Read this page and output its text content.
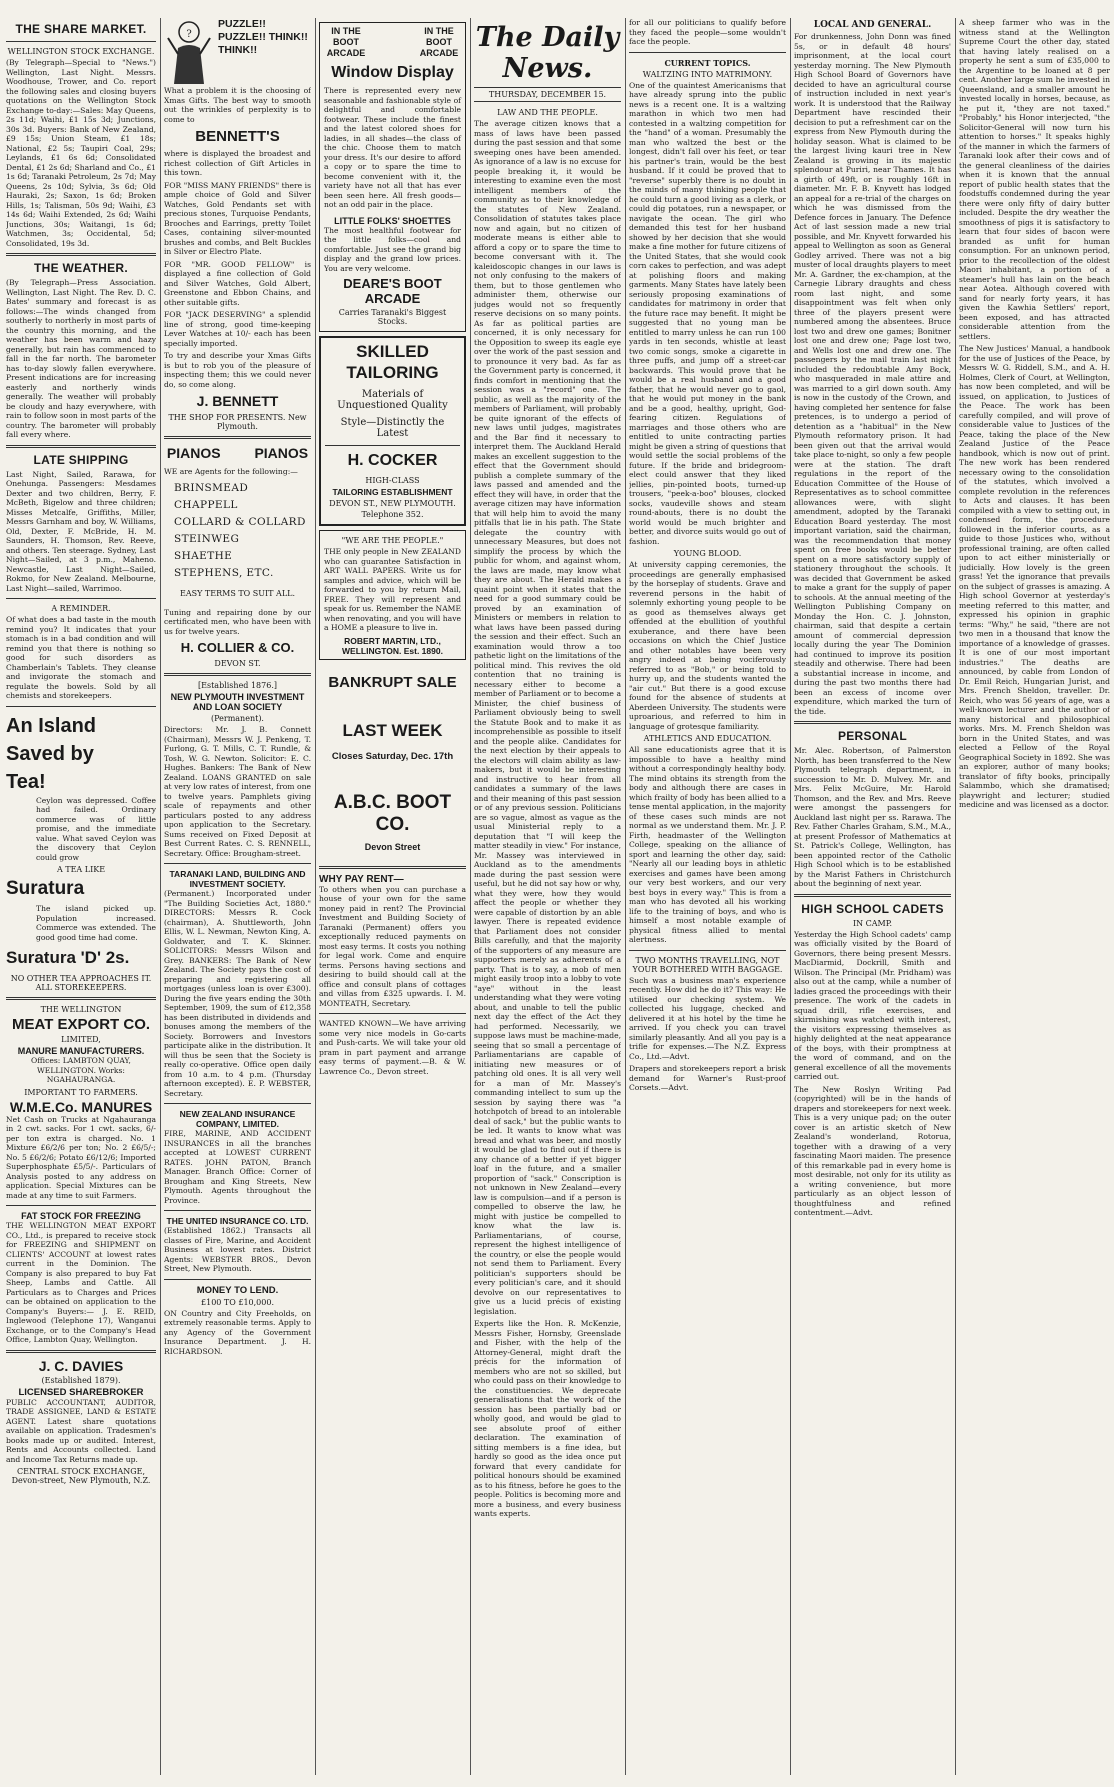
THE SHARE MARKET.
WELLINGTON STOCK EXCHANGE.

(By Telegraph—Special to "News.") Wellington, Last Night. Messrs. Woodhouse, Trower, and Co. report the following sales and closing buyers quotations on the Wellington Stock Exchange to-day:—Sales: May Queens, 2s 11d; Waihi, £1 15s 3d; Junctions, 30s 3d. Buyers: Bank of New Zealand, £9 15s; Union Steam, £1 18s; National, £2 5s; Taupiri Coal, 29s; Leylands, £1 6s 6d; Consolidated Dental, £1 2s 6d; Sharland and Co., £1 1s 6d; Taranaki Petroleum, 2s 7d; May Queens, 2s 10d; Sylvia, 3s 6d; Old Hauraki, 2s; Saxon, 1s 6d; Broken Hills, 1s; Talisman, 50s 9d; Waihi, £3 14s 6d; Waihi Extended, 2s 6d; Waihi Junctions, 30s; Waitangi, 1s 6d; Watchmen, 3s; Occidental, 5d; Consolidated, 19s 3d.

THE WEATHER.

(By Telegraph—Press Association. Wellington, Last Night. The Rev. D. C. Bates' summary and forecast is as follows:—The winds changed from southerly to northerly in most parts of the country this morning, and the weather has been warm and hazy generally, but rain has commenced to fall in the far north. The barometer has to-day slowly fallen everywhere. Present indications are for increasing easterly and northerly winds generally. The weather will probably be cloudy and hazy everywhere, with rain to follow soon in most parts of the country. The barometer will probably fall every where.

LATE SHIPPING

Last Night, Sailed, Rarawa, for Onehunga. Passengers: Mesdames Dexter and two children, Berry, F. McBeth, Bigelow and three children; Misses Metcalfe, Griffiths, Miller, Messrs Garnham and boy, W. Williams, Old, Dexter, F. McBride, H. M. Saunders, H. Thomson, Rev. Reeve, and others. Ten steerage. Sydney, Last Night—Sailed, at 3 p.m., Maheno. Newcastle, Last Night—Sailed, Rokmo, for New Zealand. Melbourne, Last Night—sailed, Warrimoo.

A REMINDER.

Of what does a bad taste in the mouth remind you? It indicates that your stomach is in a bad condition and will remind you that there is nothing so good for such disorders as Chamberlain's Tablets. They cleanse and invigorate the stomach and regulate the bowels. Sold by all chemists and storekeepers.

An Island
Saved by
Tea!

Ceylon was depressed. Coffee had failed. Ordinary commerce was of little promise, and the immediate value. What saved Ceylon was the discovery that Ceylon could grow

A TEA LIKE
Suratura

The island picked up. Population increased. Commerce was extended. The good good time had come.

Suratura 'D' 2s.
NO OTHER TEA APPROACHES IT. ALL STOREKEEPERS.
THE WELLINGTON
MEAT EXPORT CO.
LIMITED,
MANURE MANUFACTURERS.

Offices: LAMBTON QUAY, WELLINGTON. Works: NGAHAURANGA.

IMPORTANT TO FARMERS.
W.M.E.Co. MANURES

Net Cash on Trucks at Ngahauranga in 2 cwt. sacks. For 1 cwt. sacks, 6/- per ton extra is charged. No. 1 Mixture £6/2/6 per ton; No. 2 £6/5/-; No. 5 £6/2/6; Potato £6/12/6; Imported Superphosphate £5/5/-. Particulars of Analysis posted to any address on application. Special Mixtures can be made at any time to suit Farmers.

FAT STOCK FOR FREEZING

THE WELLINGTON MEAT EXPORT CO., Ltd., is prepared to receive stock for FREEZING and SHIPMENT on CLIENTS' ACCOUNT at lowest rates current in the Dominion. The Company is also prepared to buy Fat Sheep, Lambs and Cattle. All Particulars as to Charges and Prices can be obtained on application to the Company's Buyers:— J. E. REID, Inglewood (Telephone 17), Wanganui Exchange, or to the Company's Head Office, Lambton Quay, Wellington.

J. C. DAVIES
(Established 1879).
LICENSED SHAREBROKER

PUBLIC ACCOUNTANT, AUDITOR, TRADE ASSIGNEE, LAND & ESTATE AGENT. Latest share quotations available on application. Tradesmen's books made up or audited. Interest, Rents and Accounts collected. Land and Income Tax Returns made up.

CENTRAL STOCK EXCHANGE, Devon-street, New Plymouth, N.Z.
?
PUZZLE!! PUZZLE!! THINK!! THINK!!

What a problem it is the choosing of Xmas Gifts. The best way to smooth out the wrinkles of perplexity is to come to

BENNETT'S

where is displayed the broadest and richest collection of Gift Articles in this town.

FOR "MISS MANY FRIENDS" there is ample choice of Gold and Silver Watches, Gold Pendants set with precious stones, Turquoise Pendants, Brooches and Earrings, pretty Toilet Cases, containing silver-mounted brushes and combs, and Belt Buckles in Silver or Electro Plate.

FOR "MR. GOOD FELLOW" is displayed a fine collection of Gold and Silver Watches, Gold Albert, Greenstone and Ebbon Chains, and other suitable gifts.

FOR "JACK DESERVING" a splendid line of strong, good time-keeping Lever Watches at 10/- each has been specially imported.

To try and describe your Xmas Gifts is but to rob you of the pleasure of inspecting them; this we could never do, so come along.

J. BENNETT
THE SHOP FOR PRESENTS. New Plymouth.
PIANOS PIANOS

WE are Agents for the following:—

BRINSMEAD
CHAPPELL
COLLARD & COLLARD
STEINWEG
SHAETHE
STEPHENS, ETC.
EASY TERMS TO SUIT ALL.

Tuning and repairing done by our certificated men, who have been with us for twelve years.

H. COLLIER & CO.
DEVON ST.
[Established 1876.]
NEW PLYMOUTH INVESTMENT AND LOAN SOCIETY
(Permanent).

Directors: Mr. J. B. Connett (Chairman), Messrs W. J. Penkeng, T. Furlong, G. T. Mills, C. T. Rundle, & Tosh, W. G. Newton. Solicitor: E. C. Hughes. Bankers: The Bank of New Zealand. LOANS GRANTED on sale at very low rates of interest, from one to twelve years. Pamphlets giving scale of repayments and other particulars posted to any address upon application to the Secretary. Sums received on Fixed Deposit at Best Current Rates. C. S. RENNELL, Secretary. Office: Brougham-street.

TARANAKI LAND, BUILDING AND INVESTMENT SOCIETY.

(Permanent.) Incorporated under "The Building Societies Act, 1880." DIRECTORS: Messrs R. Cock (chairman), A. Shuttleworth, John Ellis, W. L. Newman, Newton King, A. Goldwater, and T. K. Skinner. SOLICITORS: Messrs Wilson and Grey. BANKERS: The Bank of New Zealand. The Society pays the cost of preparing and registering all mortgages (unless loan is over £300). During the five years ending the 30th September, 1909, the sum of £12,358 has been distributed in dividends and bonuses among the members of the Society. Borrowers and Investors participate alike in the distribution. It will thus be seen that the Society is really co-operative. Office open daily from 10 a.m. to 4 p.m. (Thursday afternoon excepted). E. P. WEBSTER, Secretary.

NEW ZEALAND INSURANCE COMPANY, LIMITED.

FIRE, MARINE, AND ACCIDENT INSURANCES in all the branches accepted at LOWEST CURRENT RATES. JOHN PATON, Branch Manager. Branch Office: Corner of Brougham and King Streets, New Plymouth. Agents throughout the Province.

THE UNITED INSURANCE CO. LTD.

(Established 1862.) Transacts all classes of Fire, Marine, and Accident Business at lowest rates. District Agents: WEBSTER BROS., Devon Street, New Plymouth.

MONEY TO LEND.
£100 TO £10,000.

ON Country and City Freeholds, on extremely reasonable terms. Apply to any Agency of the Government Insurance Department. J. H. RICHARDSON.

IN THE BOOT ARCADE
IN THE BOOT ARCADE
Window Display

There is represented every new seasonable and fashionable style of delightful and comfortable footwear. These include the finest and the latest colored shoes for ladies, in all shades—the class of the chic. Choose them to match your dress. It's our desire to afford a copy or to spare the time to become convenient with it, the variety have not all that has ever been seen here. All fresh goods—not an odd pair in the place.

LITTLE FOLKS' SHOETTES

The most healthful footwear for the little folks—cool and comfortable. Just see the grand big display and the grand low prices. You are very welcome.

DEARE'S BOOT ARCADE
Carries Taranaki's Biggest Stocks.
SKILLED TAILORING
Materials of Unquestioned Quality
Style—Distinctly the Latest
H. COCKER
HIGH-CLASS
TAILORING ESTABLISHMENT
DEVON ST., NEW PLYMOUTH.
Telephone 352.
"WE ARE THE PEOPLE."

THE only people in New ZEALAND who can guarantee Satisfaction in ART WALL PAPERS. Write us for samples and advice, which will be forwarded to you by return Mail, FREE. They will represent and speak for us. Remember the NAME when renovating, and you will have a HOME a pleasure to live in.

ROBERT MARTIN, LTD., WELLINGTON. Est. 1890.
BANKRUPT SALE
LAST WEEK
Closes Saturday, Dec. 17th
A.B.C. BOOT CO.
Devon Street
WHY PAY RENT—

To others when you can purchase a house of your own for the same money paid in rent? The Provincial Investment and Building Society of Taranaki (Permanent) offers you exceptionally reduced payments on most easy terms. It costs you nothing for legal work. Come and enquire terms. Persons having sections and desiring to build should call at the office and consult plans of cottages and villas from £325 upwards. I. M. MONTEATH, Secretary.

WANTED KNOWN—We have arriving some very nice models in Go-carts and Push-carts. We will take your old pram in part payment and arrange easy terms of payment.—B. & W. Lawrence Co., Devon street.

The Daily News.
THURSDAY, DECEMBER 15.
LAW AND THE PEOPLE.

The average citizen knows that a mass of laws have been passed during the past session and that some sweeping ones have been amended. As ignorance of a law is no excuse for people breaking it, it would be interesting to examine even the most intelligent members of the community as to their knowledge of the statutes of New Zealand. Consolidation of statutes takes place now and again, but no citizen of moderate means is either able to afford a copy or to spare the time to become conversant with it. The kaleidoscopic changes in our laws is not only confusing to the makers of them, but to those gentlemen who administer them, otherwise our judges would not so frequently reserve decisions on so many points. As far as political parties are concerned, it is only necessary for the Opposition to sweep its eagle eye over the work of the past session and to pronounce it very bad. As far as the Government party is concerned, it finds comfort in mentioning that the session was a "record" one. The public, as well as the majority of the members of Parliament, will probably be quite ignorant of the effects of new laws until judges, magistrates and the Bar find it necessary to interpret them. The Auckland Herald makes an excellent suggestion to the effect that the Government should publish a complete summary of the laws passed and amended and the effect they will have, in order that the average citizen may have information that will help him to avoid the many pitfalls that lie in his path. The State delegate the country with unnecessary Measures, but does not simplify the process by which the public for whom, and against whom, the laws are made, may know what they are about. The Herald makes a quaint point when it states that the need for a good summary could be proved by an examination of Ministers or members in relation to what laws have been passed during the session and their effect. Such an examination would throw a too pathetic light on the limitations of the political mind. This revives the old contention that no training is necessary either to become a member of Parliament or to become a Minister, the chief business of Parliament obviously being to swell the Statute Book and to make it as incomprehensible as possible to itself and the people alike. Candidates for the next election by their appeals to the electors will claim ability as law-makers, but it would be interesting and instructive to hear from all candidates a summary of the laws and their meaning of this past session or of any previous session. Politicians are so vague, almost as vague as the usual Ministerial reply to a deputation that "I will keep the matter steadily in view." For instance, Mr. Massey was interviewed in Auckland as to the amendments made during the past session were useful, but he did not say how or why, what they were, how they would affect the people or whether they were capable of distortion by an able lawyer. There is repeated evidence that Parliament does not consider Bills carefully, and that the majority of the supporters of any measure are supporters merely as adherents of a party. That is to say, a mob of men might easily troop into a lobby to vote "aye" without in the least understanding what they were voting about, and unable to tell the public next day the effect of the Act they had performed. Necessarily, we suppose laws must be machine-made, seeing that so small a percentage of Parliamentarians are capable of initiating new measures or of patching old ones. It is all very well for a man of Mr. Massey's commanding intellect to sum up the session by saying there was "a hotchpotch of bread to an intolerable deal of sack," but the public wants to be led. It wants to know what was bread and what was beer, and mostly it would be glad to find out if there is any chance of a better if yet bigger loaf in the future, and a smaller proportion of "sack." Conscription is not unknown in New Zealand—every law is compulsion—and if a person is compelled to observe the law, he might with justice be compelled to know what the law is. Parliamentarians, of course, represent the highest intelligence of the country, or else the people would not send them to Parliament. Every politician's supporters should be every politician's care, and it should devolve on our representatives to give us a lucid précis of existing legislation.

Experts like the Hon. R. McKenzie, Messrs Fisher, Hornsby, Greenslade and Fisher, with the help of the Attorney-General, might draft the précis for the information of members who are not so skilled, but who could pass on their knowledge to the constituencies. We deprecate generalisations that the work of the session has been partially bad or wholly good, and would be glad to see absolute proof of either declaration. The examination of sitting members is a fine idea, but hardly so good as the idea once put forward that every candidate for political honours should be examined as to his fitness, before he goes to the people. Politics is becoming more and more a business, and every business wants experts.

for all our politicians to qualify before they faced the people—some wouldn't face the people.

CURRENT TOPICS.
WALTZING INTO MATRIMONY.

One of the quaintest Americanisms that have already sprung into the public news is a recent one. It is a waltzing marathon in which two men had contested in a waltzing competition for the "hand" of a woman. Presumably the man who waltzed the best or the longest, didn't fall over his feet, or tear his partner's train, would be the best husband. If it could be proved that to "reverse" superbly there is no doubt in the minds of many thinking people that he could turn a good living as a clerk, or could dig potatoes, run a newspaper, or navigate the ocean. The girl who demanded this test for her husband showed by her decision that she would make a fine mother for future citizens of the United States, that she would cook corn cakes to perfection, and was adept at polishing floors and making garments. Many States have lately been seriously proposing examinations of candidates for matrimony in order that the future race may benefit. It might be suggested that no young man be entitled to marry unless he can run 100 yards in ten seconds, whistle at least two comic songs, smoke a cigarette in three puffs, and jump off a street-car backwards. This would prove that he would be a real husband and a good father, that he would never go to gaol, that he would put money in the bank and be a good, healthy, upright, God-fearing citizen. Regulations of marriages and those others who are entitled to unite contracting parties might be given a string of questions that would settle the social problems of the future. If the bride and bridegroom-elect could answer that they liked jellies, pin-pointed boots, turned-up trousers, "peek-a-boo" blouses, clocked socks, vaudeville shows and steam round-abouts, there is no doubt the world would be much brighter and better, and divorce suits would go out of fashion.

YOUNG BLOOD.

At university capping ceremonies, the proceedings are generally emphasised by the horseplay of students. Grave and reverend persons in the habit of solemnly exhorting young people to be as good as themselves always get offended at the ebullition of youthful exuberance, and there have been occasions on which the Chief Justice and other notables have been very angry indeed at being vociferously referred to as "Bob," or being told to hurry up, and the students wanted the "air cut." But there is a good excuse found for the absence of students at Aberdeen University. The students were uproarious, and referred to him in language of grotesque familiarity.

ATHLETICS AND EDUCATION.

All sane educationists agree that it is impossible to have a healthy mind without a correspondingly healthy body. The mind obtains its strength from the body and although there are cases in which frailty of body has been allied to a tense mental application, in the majority of these cases such minds are not normal as we understand them. Mr. J. P. Firth, headmaster of the Wellington College, speaking on the alliance of sport and learning the other day, said: "Nearly all our leading boys in athletic exercises and games have been among our very best workers, and our very best boys in every way." This is from a man who has devoted all his working life to the training of boys, and who is himself a most notable example of physical fitness allied to mental alertness.

TWO MONTHS TRAVELLING, NOT YOUR BOTHERED WITH BAGGAGE.

Such was a business man's experience recently. How did he do it? This way: He utilised our checking system. We collected his luggage, checked and delivered it at his hotel by the time he arrived. If you check you can travel similarly pleasantly. And all you pay is a trifle for expenses.—The N.Z. Express Co., Ltd.—Advt.

Drapers and storekeepers report a brisk demand for Warner's Rust-proof Corsets.—Advt.

LOCAL AND GENERAL.

For drunkenness, John Donn was fined 5s, or in default 48 hours' imprisonment, at the local court yesterday morning. The New Plymouth High School Board of Governors have decided to have an agricultural course of instruction included in next year's work. It is understood that the Railway Department have rescinded their decision to put a refreshment car on the express from New Plymouth during the holiday season. What is claimed to be the largest living kauri tree in New Zealand is growing in its majestic splendour at Puriri, near Thames. It has a girth of 49ft, or is roughly 16ft in diameter. Mr. F. B. Knyvett has lodged an appeal for a re-trial of the charges on which he was dismissed from the Defence forces in January. The Defence Act of last session made a new trial possible, and Mr. Knyvett forwarded his appeal to Wellington as soon as General Godley arrived. There was not a big muster of local draughts players to meet Mr. A. Gardner, the ex-champion, at the Carnegie Library draughts and chess room last night, and some disappointment was felt when only three of the players present were numbered among the absentees. Bruce lost two and drew one games; Bonitner lost one and drew one; Page lost two, and Wells lost one and drew one. The passengers by the mail train last night included the redoubtable Amy Bock, who masqueraded in male attire and was married to a girl down south. Amy is now in the custody of the Crown, and having completed her sentence for false pretences, is to undergo a period of detention as a "habitual" in the New Plymouth reformatory prison. It had been given out that the arrival would take place to-night, so only a few people were at the station. The draft regulations in the report of the Education Committee of the House of Representatives as to school committee allowances were, with slight amendment, adopted by the Taranaki Education Board yesterday. The most important variation, said the chairman, was the recommendation that money spent on free books would be better spent on a more satisfactory supply of stationery throughout the schools. It was decided that Government be asked to make a grant for the supply of paper to schools. At the annual meeting of the Wellington Publishing Company on Monday the Hon. C. J. Johnston, chairman, said that despite a certain amount of commercial depression locally during the year The Dominion had continued to improve its position steadily and otherwise. There had been a substantial increase in income, and during the past two months there had been an excess of income over expenditure, which marked the turn of the tide.

PERSONAL

Mr. Alec. Robertson, of Palmerston North, has been transferred to the New Plymouth telegraph department, in succession to Mr. D. Mulvey. Mr. and Mrs. Felix McGuire, Mr. Harold Thomson, and the Rev. and Mrs. Reeve were amongst the passengers for Auckland last night per ss. Rarawa. The Rev. Father Charles Graham, S.M., M.A., at present Professor of Mathematics at St. Patrick's College, Wellington, has been appointed rector of the Catholic High School which is to be established by the Marist Fathers in Christchurch about the beginning of next year.

HIGH SCHOOL CADETS
IN CAMP.

Yesterday the High School cadets' camp was officially visited by the Board of Governors, there being present Messrs. MacDiarmid, Dockrill, Smith and Wilson. The Principal (Mr. Pridham) was also out at the camp, while a number of ladies graced the proceedings with their presence. The work of the cadets in squad drill, rifle exercises, and skirmishing was watched with interest, the visitors expressing themselves as highly delighted at the neat appearance of the boys, with their promptness at the word of command, and on the general excellence of all the movements carried out.

The New Roslyn Writing Pad (copyrighted) will be in the hands of drapers and storekeepers for next week. This is a very unique pad; on the outer cover is an artistic sketch of New Zealand's wonderland, Rotorua, together with a drawing of a very fascinating Maori maiden. The presence of this remarkable pad in every home is most desirable, not only for its utility as a writing convenience, but more particularly as an object lesson of thoughtfulness and refined contentment.—Advt.

A sheep farmer who was in the witness stand at the Wellington Supreme Court the other day, stated that having lately realised on a property he sent a sum of £35,000 to the Argentine to be loaned at 8 per cent. Another large sum he invested in Queensland, and a smaller amount he invested locally in horses, because, as he put it, "they are not taxed." "Probably," his Honor interjected, "the Solicitor-General will now turn his attention to horses." It speaks highly of the manner in which the farmers of Taranaki look after their cows and of the general cleanliness of the dairies when it is known that the annual report of public health states that the foodstuffs condemned during the year there were only fifty of dairy butter included. Despite the dry weather the smoothness of pigs it is satisfactory to learn that four sides of bacon were branded as unfit for human consumption. For an unknown period, prior to the recollection of the oldest Maori inhabitant, a portion of a steamer's hull has lain on the beach near Aotea. Although covered with sand for nearly forty years, it has given the Kawhia Settlers' report, been exposed, and has attracted considerable attention from the settlers.

The New Justices' Manual, a handbook for the use of Justices of the Peace, by Messrs W. G. Riddell, S.M., and A. H. Holmes, Clerk of Court, at Wellington, has now been completed, and will be issued, on application, to Justices of the Peace. The work has been carefully compiled, and will prove of considerable value to Justices of the Peace, taking the place of the New Zealand Justice of the Peace handbook, which is now out of print. The new work has been rendered necessary owing to the consolidation of the statutes, which involved a complete revolution in the references to Acts and clauses. It has been compiled with a view to setting out, in condensed form, the procedure followed in the inferior courts, as a guide to those Justices who, without professional training, are often called upon to act either ministerially or judicially. How lovely is the green grass! Yet the ignorance that prevails on the subject of grasses is amazing. A High school Governor at yesterday's meeting referred to this matter, and expressed his opinion in graphic terms: "Why," he said, "there are not two men in a thousand that know the importance of a knowledge of grasses. It is one of our most important industries." The deaths are announced, by cable from London of Dr. Emil Reich, Hungarian Jurist, and Mrs. French Sheldon, traveller. Dr. Reich, who was 56 years of age, was a well-known lecturer and the author of many historical and philosophical works. Mrs. M. French Sheldon was born in the United States, and was elected a Fellow of the Royal Geographical Society in 1892. She was an explorer, author of many books; translator of fifty books, principally Salammbo, which she dramatised; playwright and lecturer; studied medicine and was licensed as a doctor.
